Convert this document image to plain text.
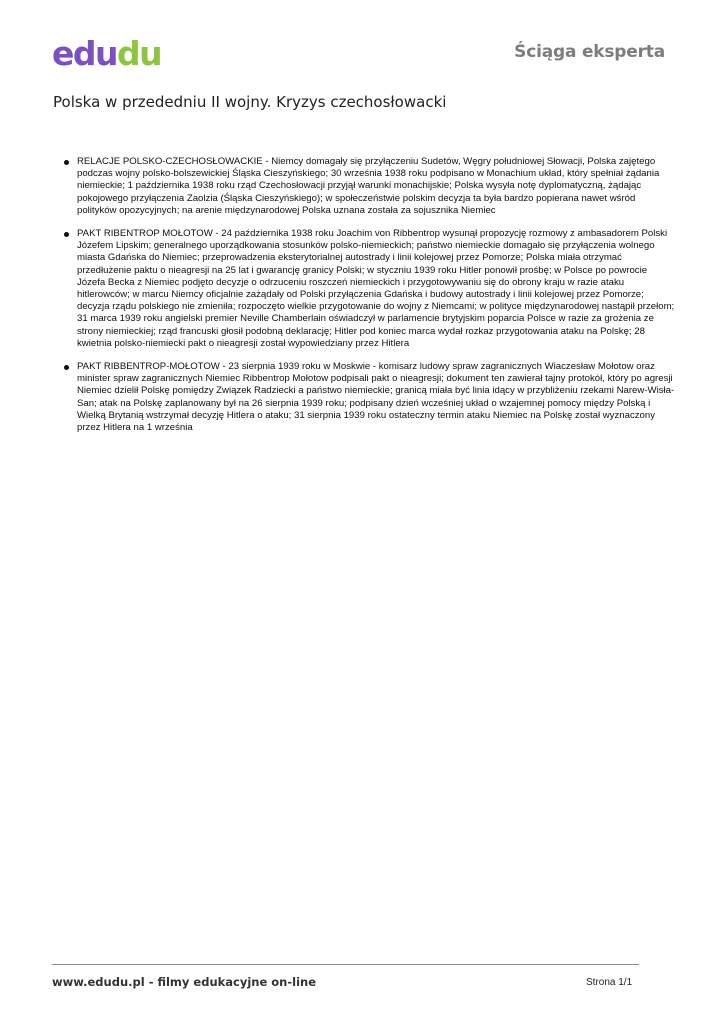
edudu	Ściąga eksperta
Polska w przededniu II wojny. Kryzys czechosłowacki
RELACJE POLSKO-CZECHOSŁOWACKIE - Niemcy domagały się przyłączeniu Sudetów, Węgry południowej Słowacji, Polska zajętego podczas wojny polsko-bolszewickiej Śląska Cieszyńskiego; 30 września 1938 roku podpisano w Monachium układ, który spełniał żądania niemieckie; 1 października 1938 roku rząd Czechosłowacji przyjął warunki monachijskie; Polska wysyła notę dyplomatyczną, żądając pokojowego przyłączenia Zaolzia (Śląska Cieszyńskiego); w społeczeństwie polskim decyzja ta była bardzo popierana nawet wśród polityków opozycyjnych; na arenie międzynarodowej Polska uznana została za sojusznika Niemiec
PAKT RIBENTROP MOŁOTOW - 24 października 1938 roku Joachim von Ribbentrop wysunął propozycję rozmowy z ambasadorem Polski Józefem Lipskim; generalnego uporządkowania stosunków polsko-niemieckich; państwo niemieckie domagało się przyłączenia wolnego miasta Gdańska do Niemiec; przeprowadzenia eksterytorialnej autostrady i linii kolejowej przez Pomorze; Polska miała otrzymać przedłużenie paktu o nieagresji na 25 lat i gwarancję granicy Polski; w styczniu 1939 roku Hitler ponowił prośbę; w Polsce po powrocie Józefa Becka z Niemiec podjęto decyzje o odrzuceniu roszczeń niemieckich i przygotowywaniu się do obrony kraju w razie ataku hitlerowców; w marcu Niemcy oficjalnie zażądały od Polski przyłączenia Gdańska i budowy autostrady i linii kolejowej przez Pomorze; decyzja rządu polskiego nie zmieniła; rozpoczęto wielkie przygotowanie do wojny z Niemcami; w polityce międzynarodowej nastąpił przełom; 31 marca 1939 roku angielski premier Neville Chamberlain oświadczył w parlamencie brytyjskim poparcia Polsce w razie za grożenia ze strony niemieckiej; rząd francuski głosił podobną deklarację; Hitler pod koniec marca wydał rozkaz przygotowania ataku na Polskę; 28 kwietnia polsko-niemiecki pakt o nieagresji został wypowiedziany przez Hitlera
PAKT RIBBENTROP-MOŁOTOW - 23 sierpnia 1939 roku w Moskwie - komisarz ludowy spraw zagranicznych Wiaczesław Mołotow oraz minister spraw zagranicznych Niemiec Ribbentrop Mołotow podpisali pakt o nieagresji; dokument ten zawierał tajny protokół, który po agresji Niemiec dzielił Polskę pomiędzy Związek Radziecki a państwo niemieckie; granicą miała być linia idący w przybliżeniu rzekami Narew-Wisła-San; atak na Polskę zaplanowany był na 26 sierpnia 1939 roku; podpisany dzień wcześniej układ o wzajemnej pomocy między Polską i Wielką Brytanią wstrzymał decyzję Hitlera o ataku; 31 sierpnia 1939 roku ostateczny termin ataku Niemiec na Polskę został wyznaczony przez Hitlera na 1 września
www.edudu.pl - filmy edukacyjne on-line	Strona 1/1
